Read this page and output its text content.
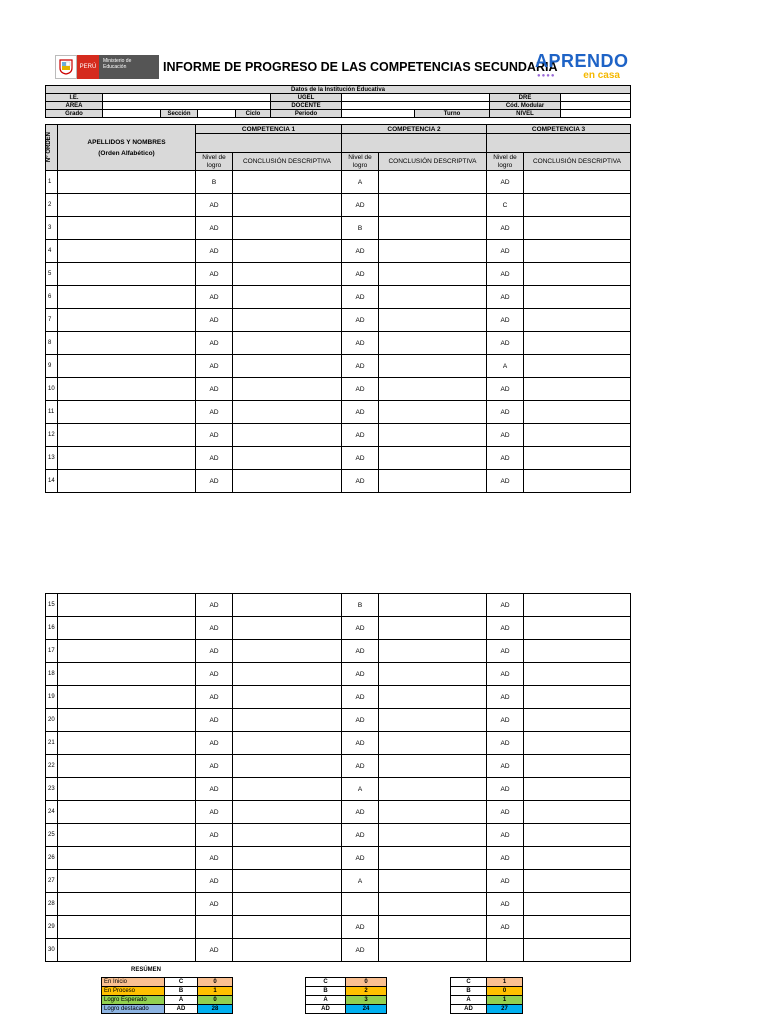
PERÚ
Ministerio de Educación	INFORME DE PROGRESO DE LAS COMPETENCIAS SECUNDARIA
APRENDO
●●●●	en casa
Datos de la Institución Educativa									
I.E.					UGEL			DRE	
ÁREA					DOCENTE			Cód. Modular	
Grado		Sección		Ciclo	Periodo		Turno	NIVEL	
N° ORDEN	APELLIDOS Y NOMBRES
(Orden Alfabético)	COMPETENCIA 1		COMPETENCIA 2		COMPETENCIA 3	

		Nivel de logro	CONCLUSIÓN DESCRIPTIVA	Nivel de logro	CONCLUSIÓN DESCRIPTIVA	Nivel de logro	CONCLUSIÓN DESCRIPTIVA
1		B		A		AD	
2		AD		AD		C	
3		AD		B		AD	
4		AD		AD		AD	
5		AD		AD		AD	
6		AD		AD		AD	
7		AD		AD		AD	
8		AD		AD		AD	
9		AD		AD		A	
10		AD		AD		AD	
11		AD		AD		AD	
12		AD		AD		AD	
13		AD		AD		AD	
14		AD		AD		AD	
15		AD		B		AD	
16		AD		AD		AD	
17		AD		AD		AD	
18		AD		AD		AD	
19		AD		AD		AD	
20		AD		AD		AD	
21		AD		AD		AD	
22		AD		AD		AD	
23		AD		A		AD	
24		AD		AD		AD	
25		AD		AD		AD	
26		AD		AD		AD	
27		AD		A		AD	
28		AD				AD	
29				AD		AD	
30		AD		AD			
RESÚMEN
En Inicio	C	0
En Proceso	B	1
Logro Esperado	A	0
Logro destacado	AD	28
C	0
B	2
A	3
AD	24
C	1
B	0
A	1
AD	27
